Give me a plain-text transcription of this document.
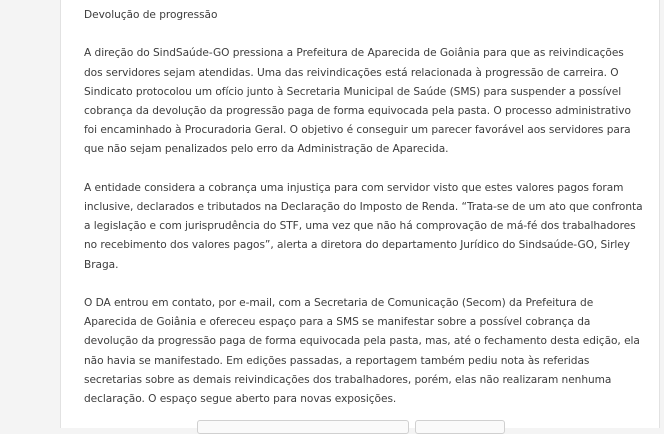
Devolução de progressão

A direção do SindSaúde-GO pressiona a Prefeitura de Aparecida de Goiânia para que as reivindicações dos servidores sejam atendidas. Uma das reivindicações está relacionada à progressão de carreira. O Sindicato protocolou um ofício junto à Secretaria Municipal de Saúde (SMS) para suspender a possível cobrança da devolução da progressão paga de forma equivocada pela pasta. O processo administrativo foi encaminhado à Procuradoria Geral. O objetivo é conseguir um parecer favorável aos servidores para que não sejam penalizados pelo erro da Administração de Aparecida.

A entidade considera a cobrança uma injustiça para com servidor visto que estes valores pagos foram inclusive, declarados e tributados na Declaração do Imposto de Renda. “Trata-se de um ato que confronta a legislação e com jurisprudência do STF, uma vez que não há comprovação de má-fé dos trabalhadores no recebimento dos valores pagos”, alerta a diretora do departamento Jurídico do Sindsaúde-GO, Sirley Braga.

O DA entrou em contato, por e-mail, com a Secretaria de Comunicação (Secom) da Prefeitura de Aparecida de Goiânia e ofereceu espaço para a SMS se manifestar sobre a possível cobrança da devolução da progressão paga de forma equivocada pela pasta, mas, até o fechamento desta edição, ela não havia se manifestado. Em edições passadas, a reportagem também pediu nota às referidas secretarias sobre as demais reivindicações dos trabalhadores, porém, elas não realizaram nenhuma declaração. O espaço segue aberto para novas exposições.
